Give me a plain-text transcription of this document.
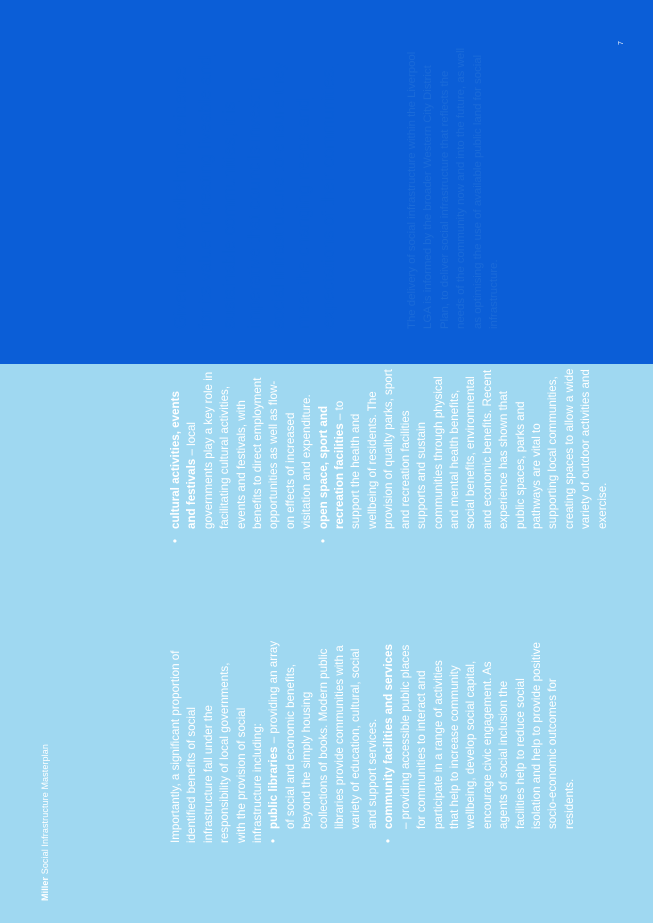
Miller Social Infrastructure Masterplan
7

Importantly, a significant proportion of identified benefits of social infrastructure fall under the responsibility of local governments, with the provision of social infrastructure including: • public libraries – providing an array of social and economic benefits, beyond the simply housing collections of books. Modern public libraries provide communities with a variety of education, cultural, social and support services. • community facilities and services – providing accessible public places for communities to interact and participate in a range of activities that help to increase community wellbeing, develop social capital, encourage civic engagement. As agents of social inclusion the facilities help to reduce social isolation and help to provide positive socio-economic outcomes for residents.
• cultural activities, events and festivals – local governments play a key role in facilitating cultural activities, events and festivals, with benefits to direct employment opportunities as well as flow-on effects of increased visitation and expenditure. • open space, sport and recreation facilities – to support the health and wellbeing of residents. The provision of quality parks, sport and recreation facilities supports and sustain communities through physical and mental health benefits, social benefits, environmental and economic benefits. Recent experience has shown that public spaces, parks and pathways are vital to supporting local communities, creating spaces to allow a wide variety of outdoor activities and exercise.
Given the overwhelming evidence for its value in creating liveable and sustainable communities, it is imperative that councils invest in social infrastructure to ensure they meet the changing needs and expectations of their communities.	The delivery of social infrastructure within the Liverpool LGA is informed by the broader Western City District Plan, to deliver social infrastructure that reflects the needs of the community now and into the future, as well as optimising the use of available public land for social infrastructure.
